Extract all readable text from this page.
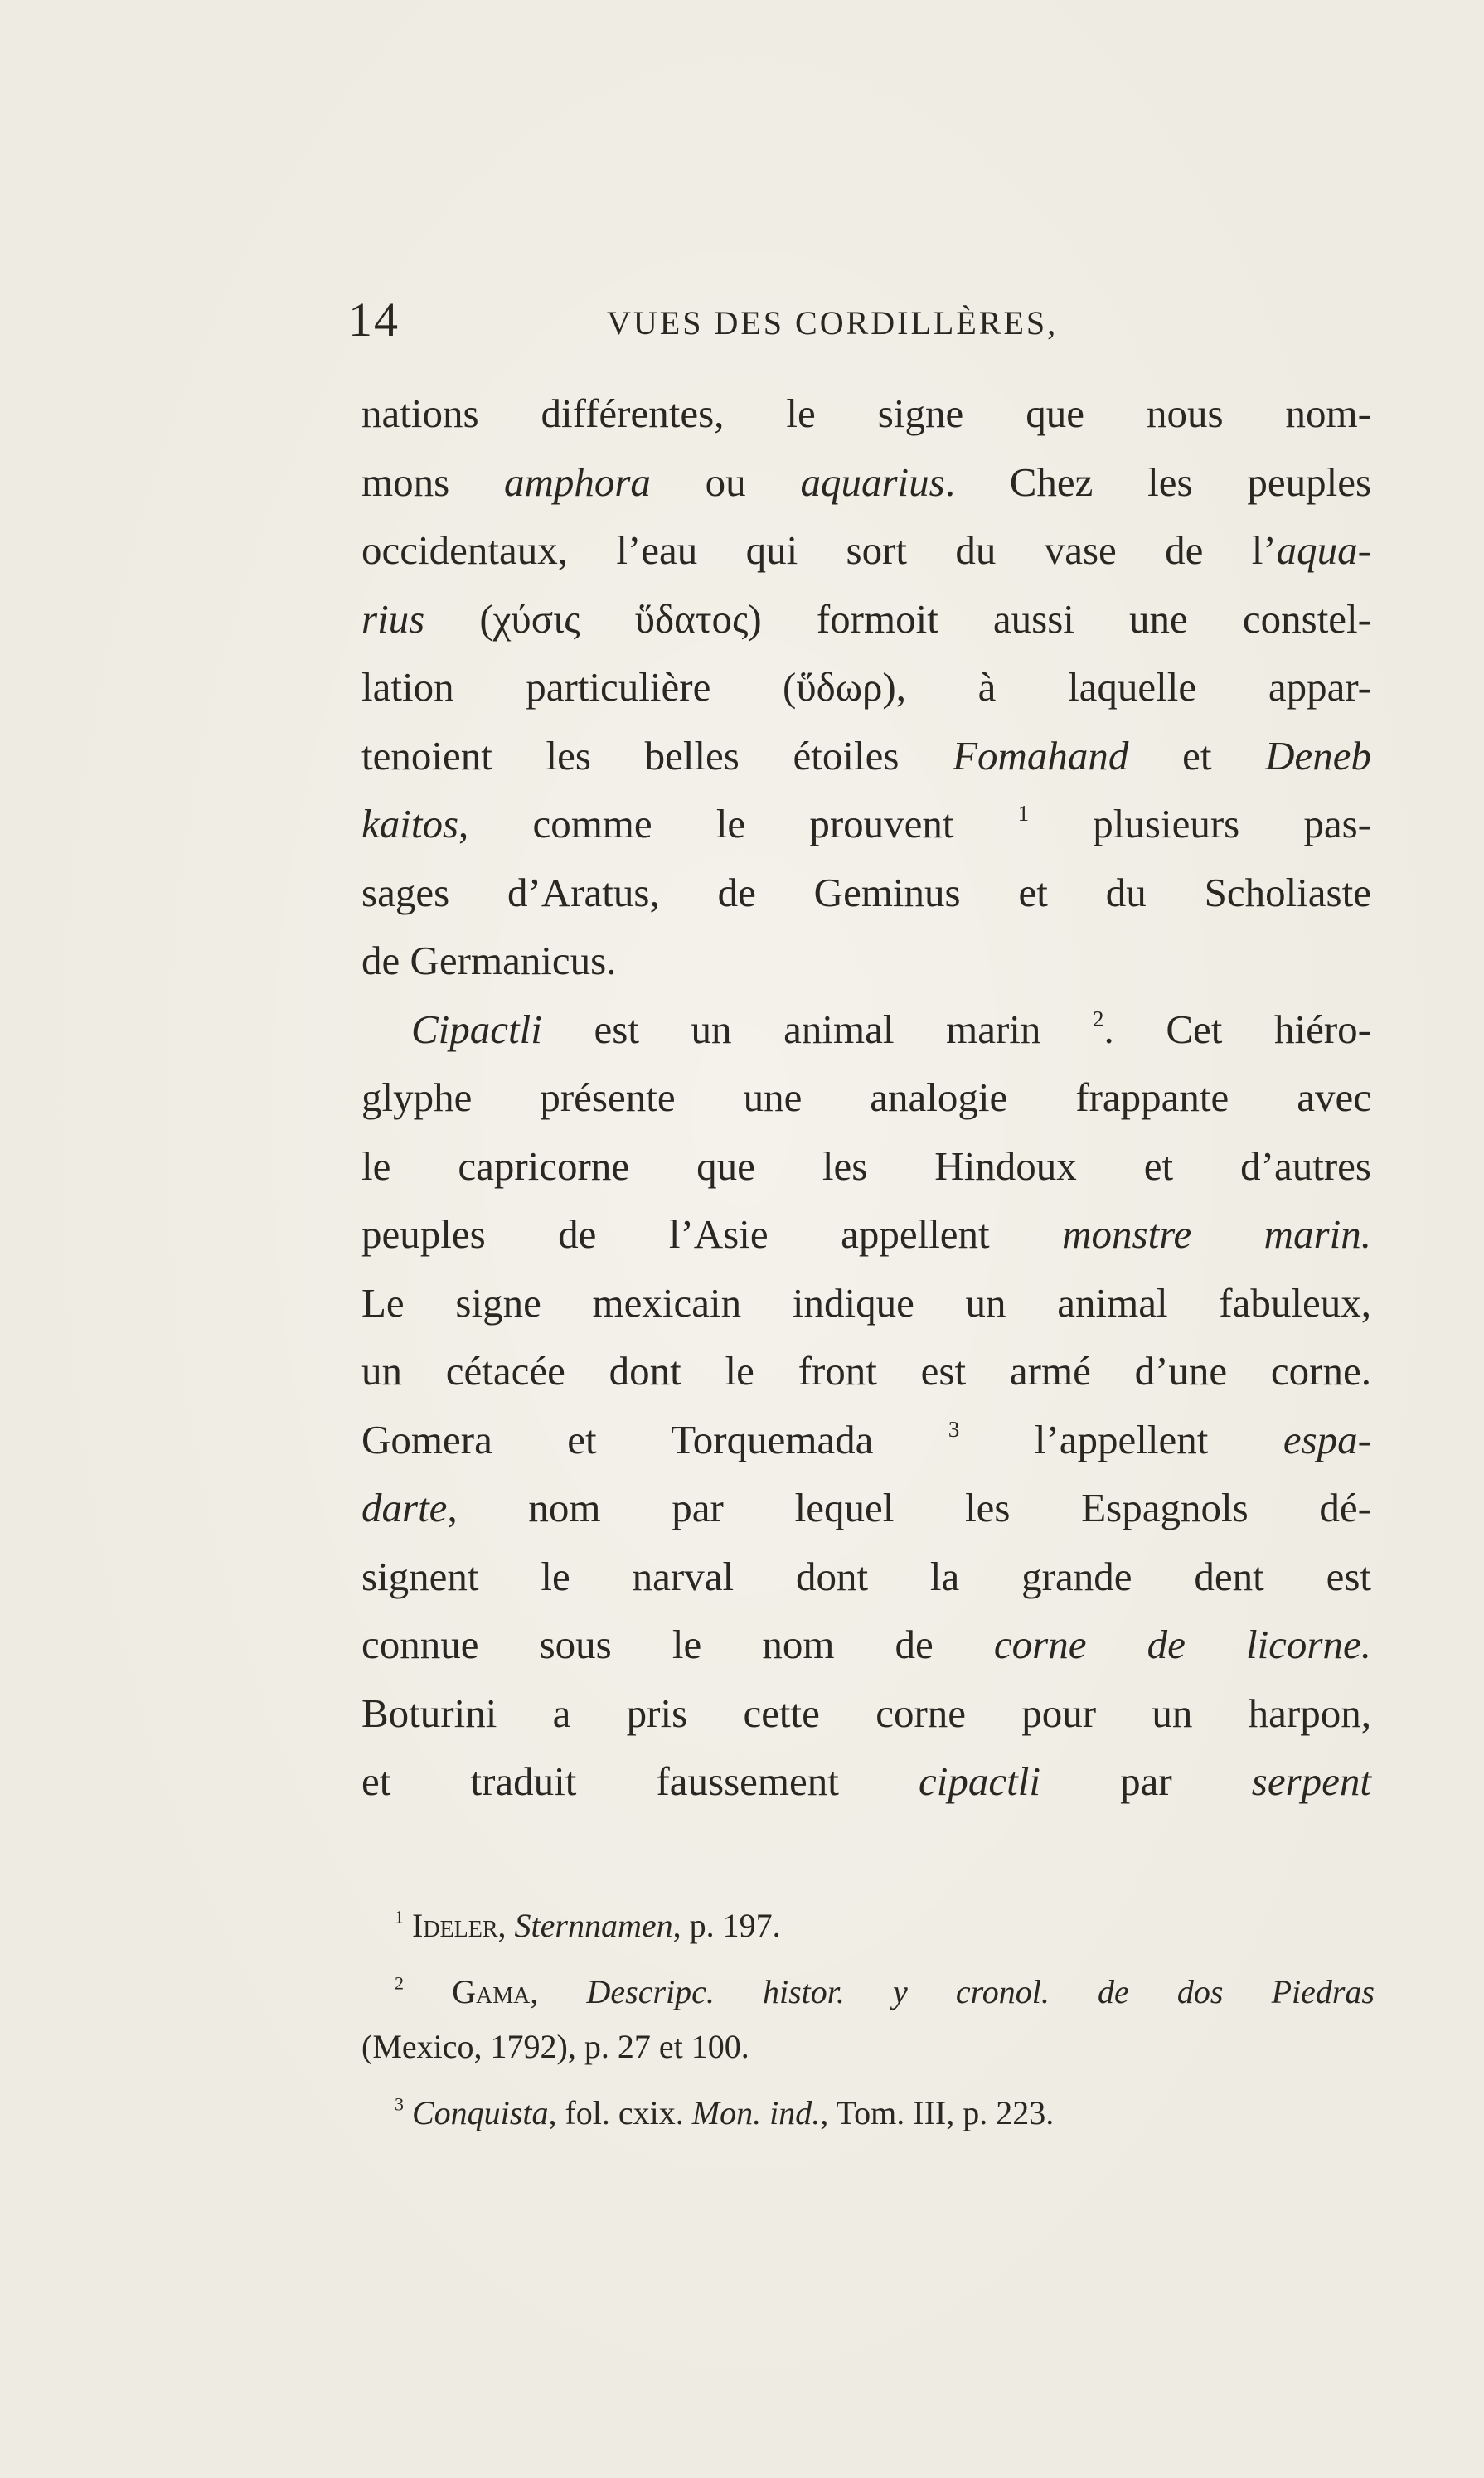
14	VUES DES CORDILLÈRES,
nations différentes, le signe que nous nom-
mons amphora ou aquarius. Chez les peuples
occidentaux, l’eau qui sort du vase de l’aqua-
rius (χύσις ὕδατος) formoit aussi une constel-
lation particulière (ὕδωρ), à laquelle appar-
tenoient les belles étoiles Fomahand et Deneb
kaitos, comme le prouvent $^1$ plusieurs pas-
sages d’Aratus, de Geminus et du Scholiaste
de Germanicus.
Cipactli est un animal marin $^2$. Cet hiéro-
glyphe présente une analogie frappante avec
le capricorne que les Hindoux et d’autres
peuples de l’Asie appellent monstre marin.
Le signe mexicain indique un animal fabuleux,
un cétacée dont le front est armé d’une corne.
Gomera et Torquemada $^3$ l’appellent espa-
darte, nom par lequel les Espagnols dé-
signent le narval dont la grande dent est
connue sous le nom de corne de licorne.
Boturini a pris cette corne pour un harpon,
et traduit faussement cipactli par serpent
$^1$ Ideler, Sternnamen, p. 197.
$^2$ Gama, Descripc. histor. y cronol. de dos Piedras
(Mexico, 1792), p. 27 et 100.
$^3$ Conquista, fol. cxix. Mon. ind., Tom. III, p. 223.
